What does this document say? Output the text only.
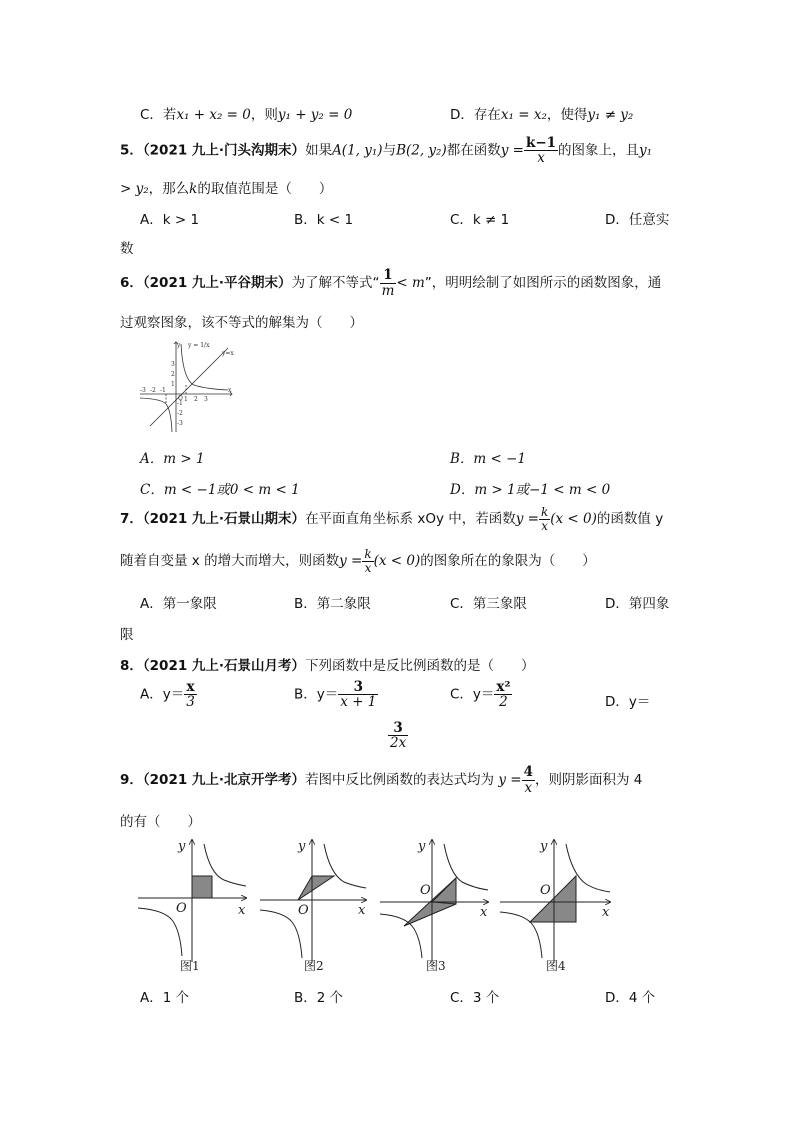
C．若x₁ + x₂ = 0，则y₁ + y₂ = 0	D．存在x₁ = x₂，使得y₁ ≠ y₂
5．（2021 九上·门头沟期末）如果A(1, y₁)与B(2, y₂)都在函数$y = \frac{k-1}{x}$ 的图象上，且y₁
> y₂，那么k的取值范围是（　　）
A．k > 1	B．k < 1	C．k ≠ 1	D．任意实
数
6．（2021 九上·平谷期末）为了解不等式“ $\frac{1}{m} < m$”，明明绘制了如图所示的函数图象，通
过观察图象，该不等式的解集为（　　）
y
x
y = 1/x
y=x
O 1 2 3
1
2
3
-1
-2
-3
-1
-2
-3
A．m > 1	B．m < −1
C．m < −1或0 < m < 1	D．m > 1或−1 < m < 0
7．（2021 九上·石景山期末）在平面直角坐标系 xOy 中，若函数$y = \frac{k}{x} (x < 0)$的函数值 y
随着自变量 x 的增大而增大，则函数$y = \frac{k}{x} (x < 0)$的图象所在的象限为（　　）
A．第一象限	B．第二象限	C．第三象限	D．第四象
限
8．（2021 九上·石景山月考）下列函数中是反比例函数的是（　　）
A．$y= \frac{x}{3}$	B．$y= \frac{3}{x + 1}$	C．$y= \frac{\text{x²}}{2}$	D．y＝
$\frac{3}{2x}$
9．（2021 九上·北京开学考）若图中反比例函数的表达式均为 $y = \frac{4}{x}$ ，则阴影面积为 4
的有（　　）
y
x
O
y
x
O
y
x
O
y
x
O
图1	图2	图3	图4
A．1 个	B．2 个	C．3 个	D．4 个
